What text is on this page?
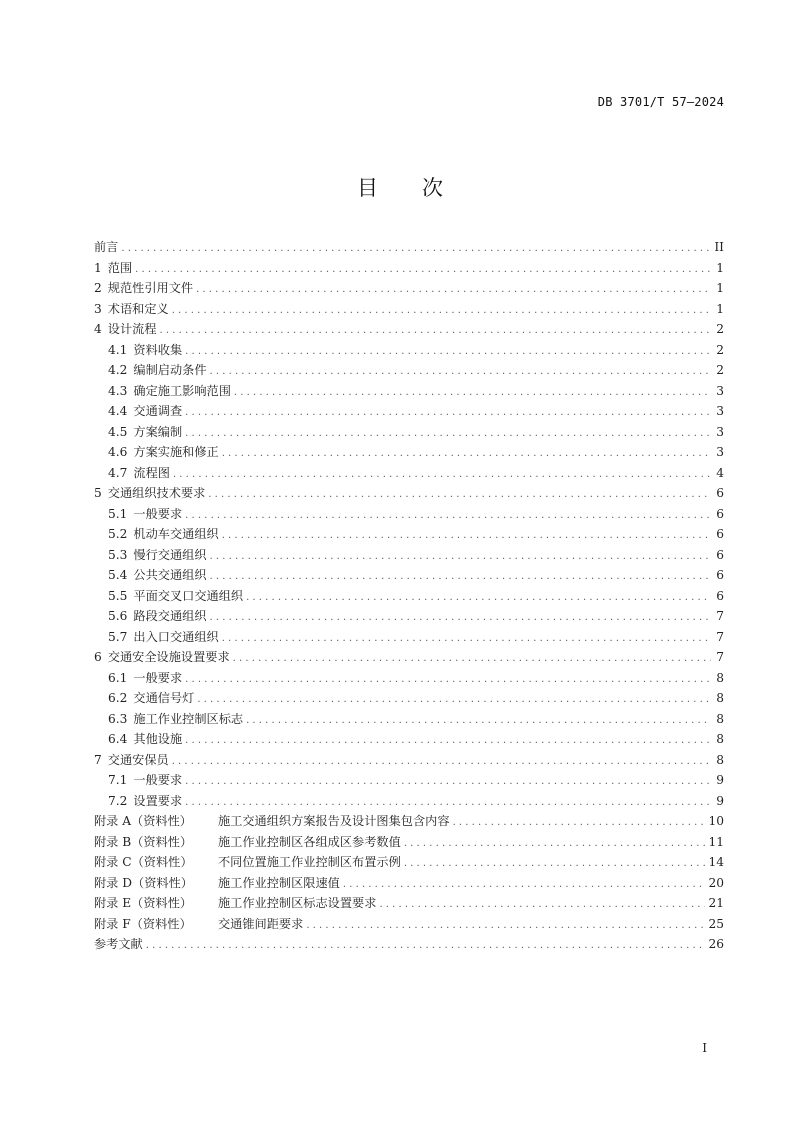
DB 3701/T 57—2024
目 次
前言 . . .	II
1 范围 . . .	1
2 规范性引用文件 . . .	1
3 术语和定义 . . .	1
4 设计流程 . . .	2
4.1 资料收集 . . .	2
4.2 编制启动条件 . . .	2
4.3 确定施工影响范围 . . .	3
4.4 交通调查 . . .	3
4.5 方案编制 . . .	3
4.6 方案实施和修正 . . .	3
4.7 流程图 . . .	4
5 交通组织技术要求 . . .	6
5.1 一般要求 . . .	6
5.2 机动车交通组织 . . .	6
5.3 慢行交通组织 . . .	6
5.4 公共交通组织 . . .	6
5.5 平面交叉口交通组织 . . .	6
5.6 路段交通组织 . . .	7
5.7 出入口交通组织 . . .	7
6 交通安全设施设置要求 . . .	7
6.1 一般要求 . . .	8
6.2 交通信号灯 . . .	8
6.3 施工作业控制区标志 . . .	8
6.4 其他设施 . . .	8
7 交通安保员 . . .	8
7.1 一般要求 . . .	9
7.2 设置要求 . . .	9
附录 A（资料性）	施工交通组织方案报告及设计图集包含内容 . . .	10
附录 B（资料性）	施工作业控制区各组成区参考数值 . . .	11
附录 C（资料性）	不同位置施工作业控制区布置示例 . . .	14
附录 D（资料性）	施工作业控制区限速值 . . .	20
附录 E（资料性）	施工作业控制区标志设置要求 . . .	21
附录 F（资料性）	交通锥间距要求 . . .	25
参考文献 . . .	26
I
